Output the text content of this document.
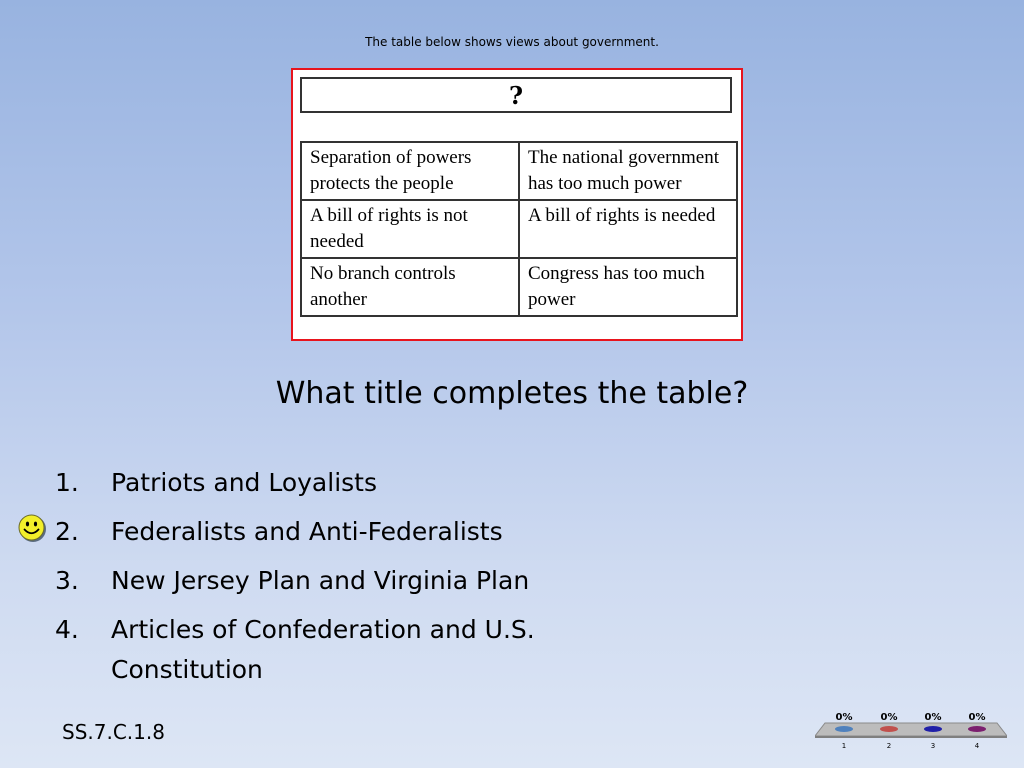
The table below shows views about government.
?
Separation of powers protects the people	The national government has too much power
A bill of rights is not needed	A bill of rights is needed
No branch controls another	Congress has too much power
What title completes the table?
1.	Patriots and Loyalists
2.	Federalists and Anti-Federalists
3.	New Jersey Plan and Virginia Plan
4.	Articles of Confederation and U.S. Constitution
SS.7.C.1.8
0%	0%	0%	0%
1	2	3	4
